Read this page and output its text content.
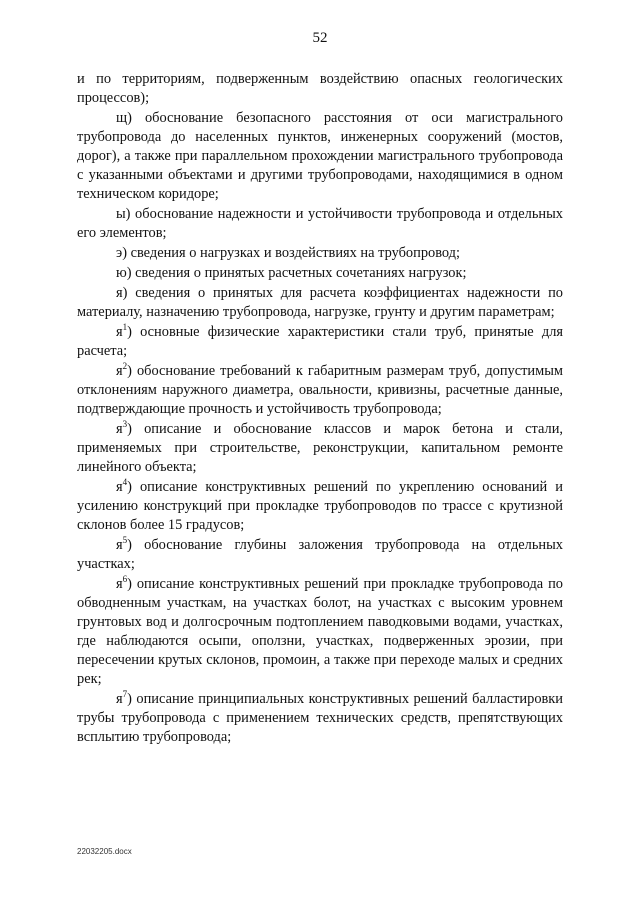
52

и по территориям, подверженным воздействию опасных геологических процессов);

щ) обоснование безопасного расстояния от оси магистрального трубопровода до населенных пунктов, инженерных сооружений (мостов, дорог), а также при параллельном прохождении магистрального трубопровода с указанными объектами и другими трубопроводами, находящимися в одном техническом коридоре;

ы) обоснование надежности и устойчивости трубопровода и отдельных его элементов;

э) сведения о нагрузках и воздействиях на трубопровод;

ю) сведения о принятых расчетных сочетаниях нагрузок;

я) сведения о принятых для расчета коэффициентах надежности по материалу, назначению трубопровода, нагрузке, грунту и другим параметрам;

$я^1$) основные физические характеристики стали труб, принятые для расчета;

$я^2$) обоснование требований к габаритным размерам труб, допустимым отклонениям наружного диаметра, овальности, кривизны, расчетные данные, подтверждающие прочность и устойчивость трубопровода;

$я^3$) описание и обоснование классов и марок бетона и стали, применяемых при строительстве, реконструкции, капитальном ремонте линейного объекта;

$я^4$) описание конструктивных решений по укреплению оснований и усилению конструкций при прокладке трубопроводов по трассе с крутизной склонов более 15 градусов;

$я^5$) обоснование глубины заложения трубопровода на отдельных участках;

$я^6$) описание конструктивных решений при прокладке трубопровода по обводненным участкам, на участках болот, на участках с высоким уровнем грунтовых вод и долгосрочным подтоплением паводковыми водами, участках, где наблюдаются осыпи, оползни, участках, подверженных эрозии, при пересечении крутых склонов, промоин, а также при переходе малых и средних рек;

$я^7$) описание принципиальных конструктивных решений балластировки трубы трубопровода с применением технических средств, препятствующих всплытию трубопровода;

22032205.docx
